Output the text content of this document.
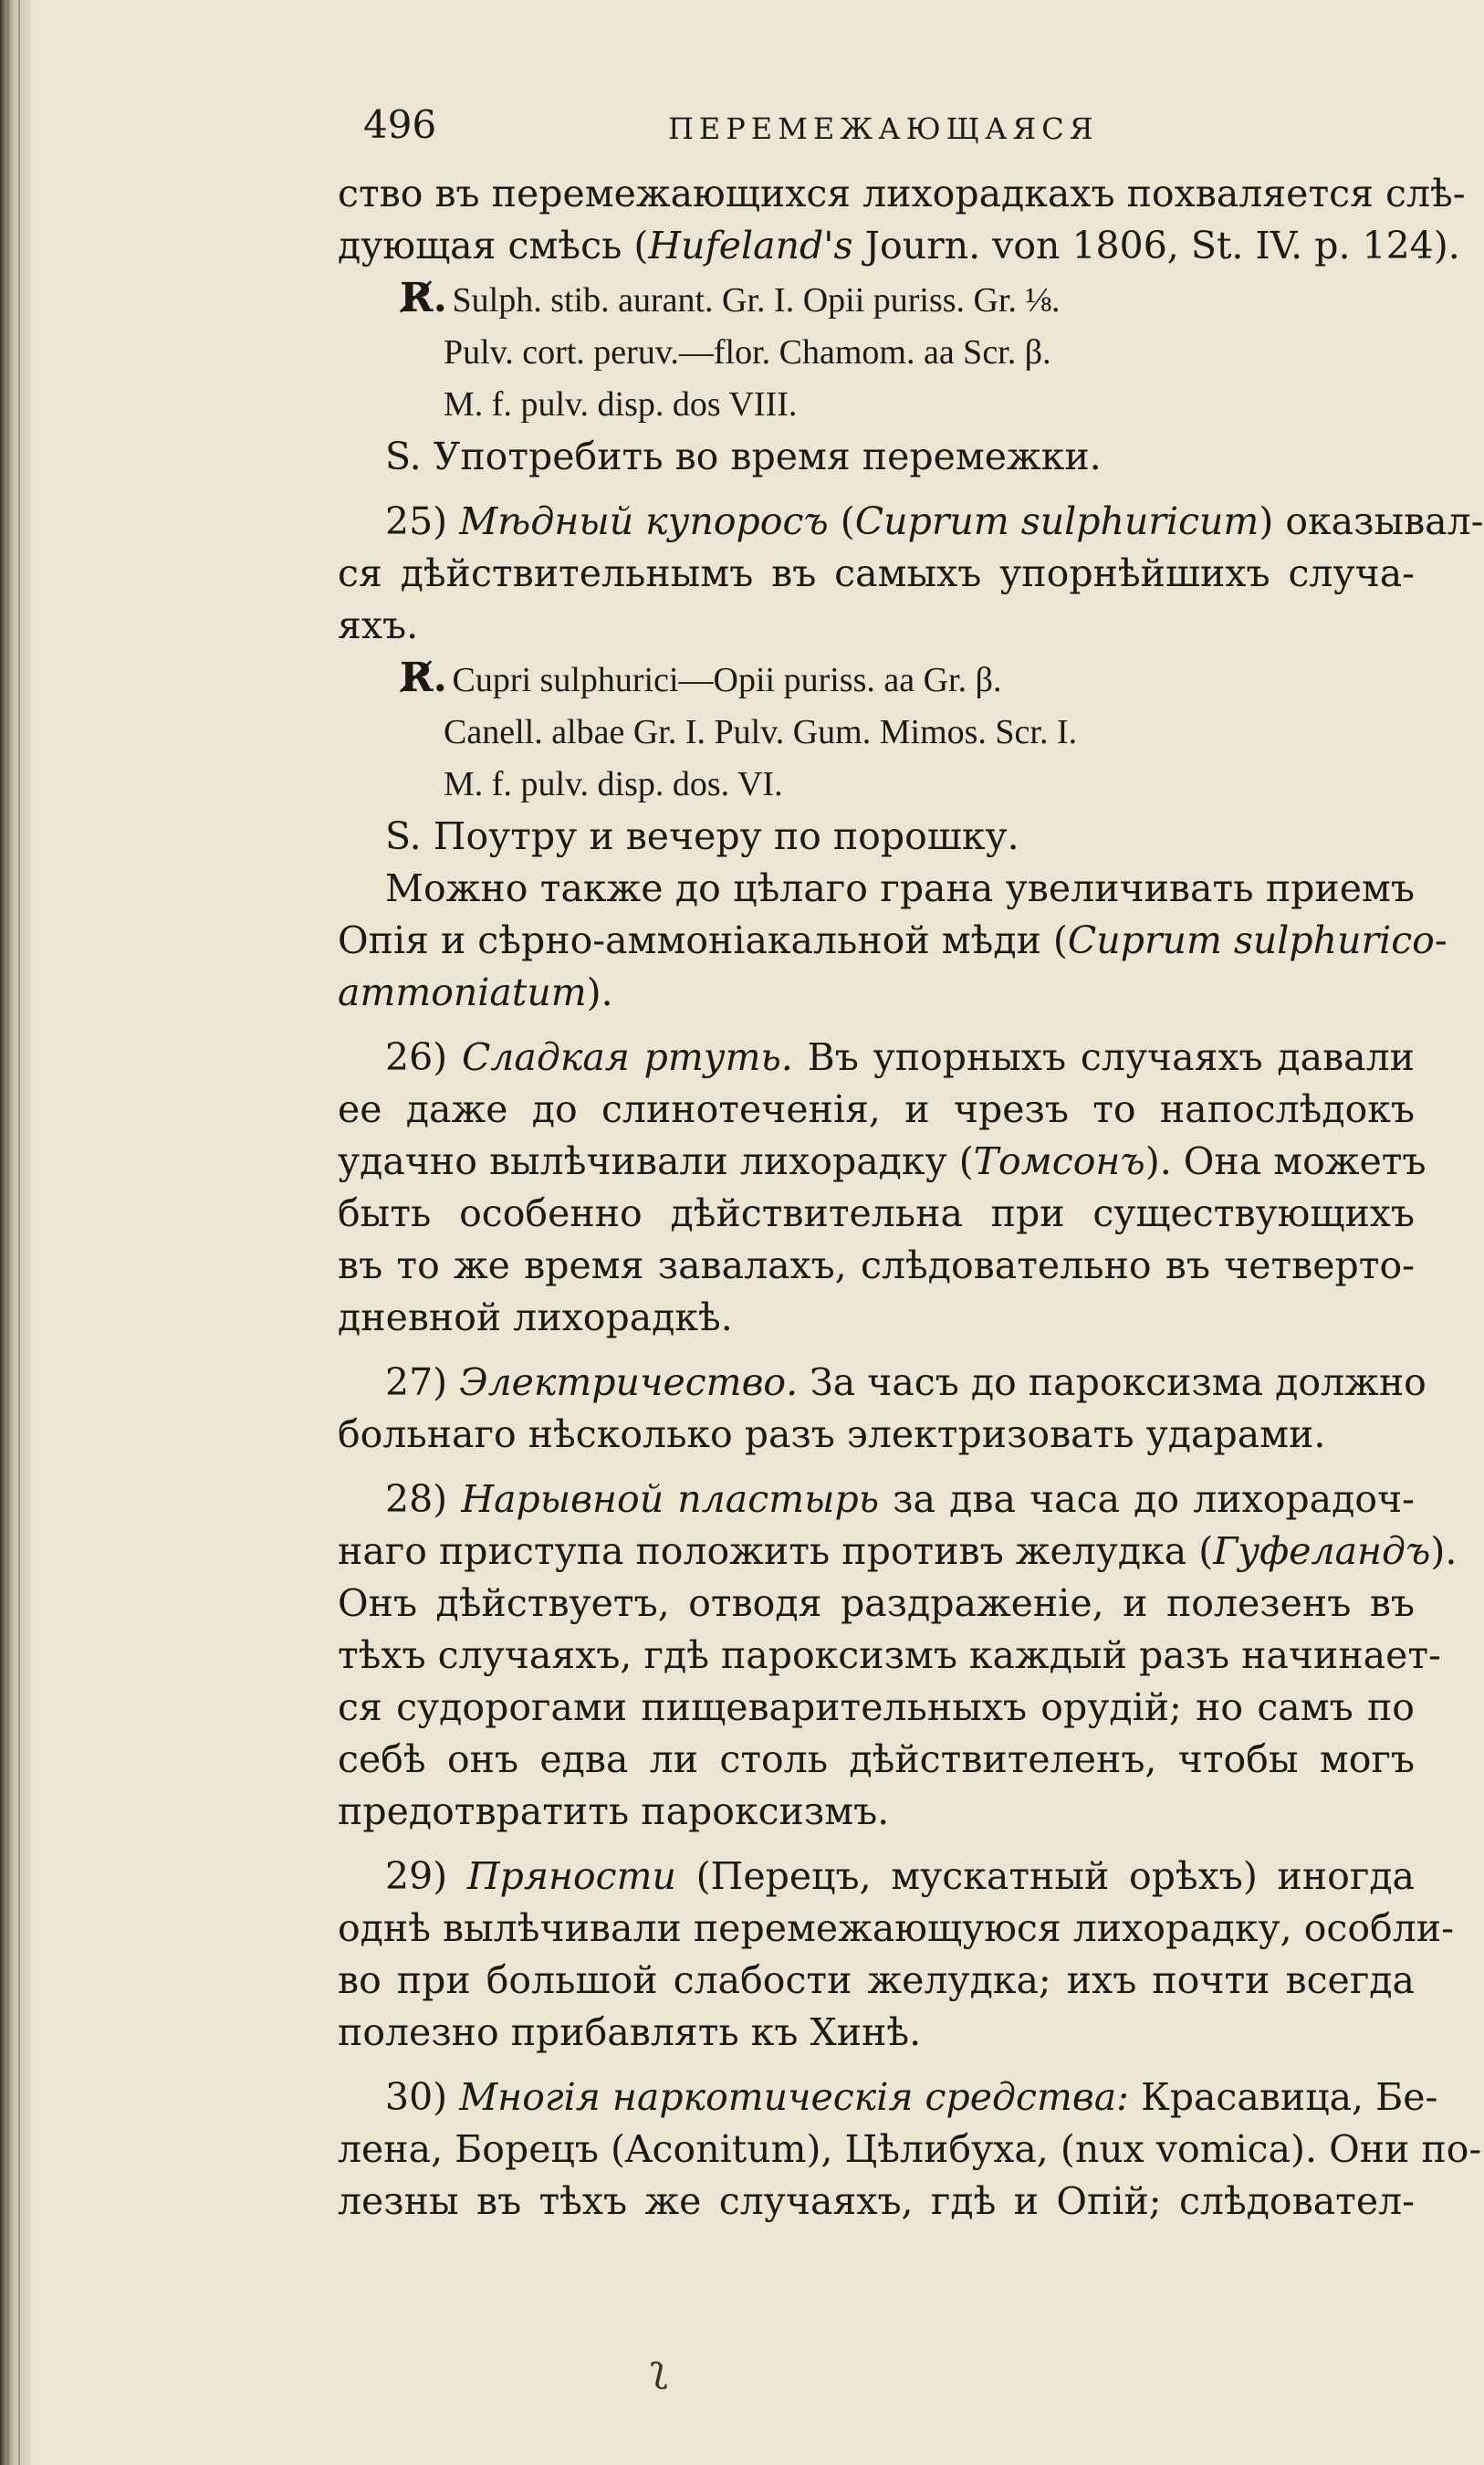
496	ПЕРЕМЕЖАЮЩАЯСЯ
ство въ перемежающихся лихорадкахъ похваляется слѣ-
дующая смѣсь (Hufeland's Journ. von 1806, St. IV. p. 124).
R̸. Sulph. stib. aurant. Gr. I. Opii puriss. Gr. ⅛.
Pulv. cort. peruv.—flor. Chamom. aa Scr. β.
M. f. pulv. disp. dos VIII.
S. Употребить во время перемежки.
25) Мѣдный купоросъ (Cuprum sulphuricum) оказывал-
ся дѣйствительнымъ въ самыхъ упорнѣйшихъ случа-
яхъ.
R̸. Cupri sulphurici—Opii puriss. aa Gr. β.
Canell. albae Gr. I. Pulv. Gum. Mimos. Scr. I.
M. f. pulv. disp. dos. VI.
S. Поутру и вечеру по порошку.
Можно также до цѣлаго грана увеличивать приемъ
Опія и сѣрно-аммоніакальной мѣди (Cuprum sulphurico-
ammoniatum).
26) Сладкая ртуть. Въ упорныхъ случаяхъ давали
ее даже до слинотеченія, и чрезъ то напослѣдокъ
удачно вылѣчивали лихорадку (Томсонъ). Она можетъ
быть особенно дѣйствительна при существующихъ
въ то же время завалахъ, слѣдовательно въ четверто-
дневной лихорадкѣ.
27) Электричество. За часъ до пароксизма должно
больнаго нѣсколько разъ электризовать ударами.
28) Нарывной пластырь за два часа до лихорадоч-
наго приступа положить противъ желудка (Гуфеландъ).
Онъ дѣйствуетъ, отводя раздраженіе, и полезенъ въ
тѣхъ случаяхъ, гдѣ пароксизмъ каждый разъ начинает-
ся судорогами пищеварительныхъ орудій; но самъ по
себѣ онъ едва ли столь дѣйствителенъ, чтобы могъ
предотвратить пароксизмъ.
29) Пряности (Перецъ, мускатный орѣхъ) иногда
однѣ вылѣчивали перемежающуюся лихорадку, особли-
во при большой слабости желудка; ихъ почти всегда
полезно прибавлять къ Хинѣ.
30) Многія наркотическія средства: Красавица, Бе-
лена, Борецъ (Aconitum), Цѣлибуха, (nux vomica). Они по-
лезны въ тѣхъ же случаяхъ, гдѣ и Опій; слѣдовател-
ʅ
